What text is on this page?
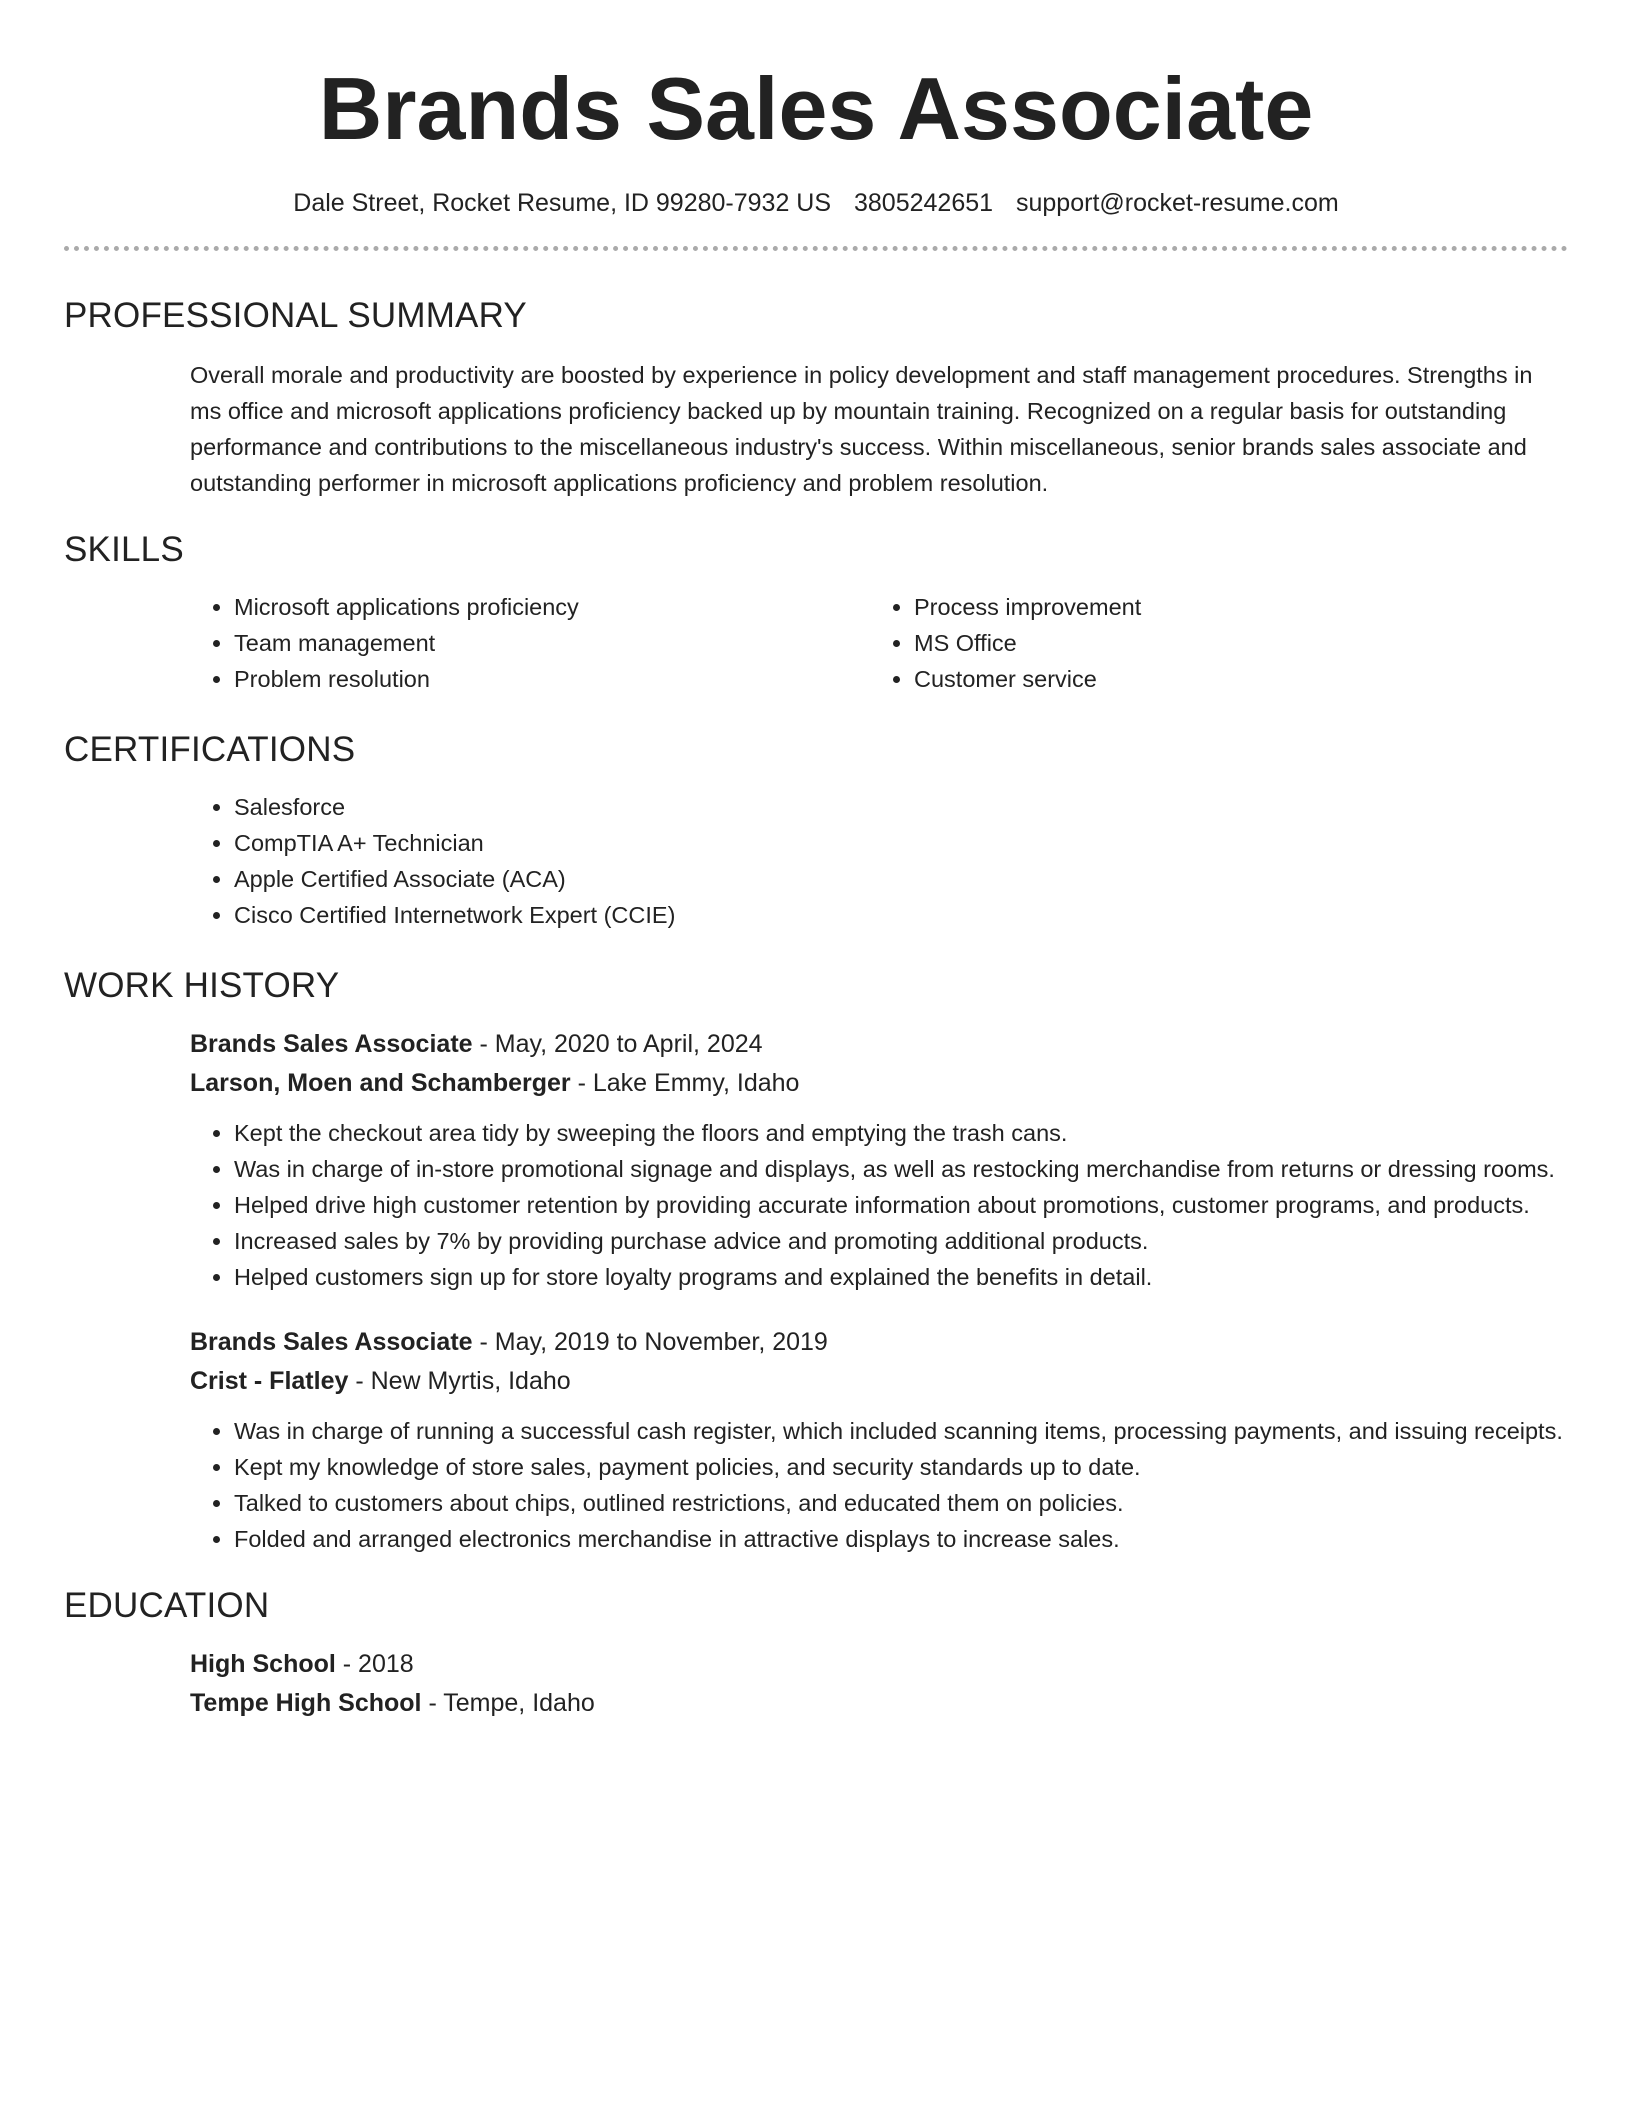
Brands Sales Associate
Dale Street, Rocket Resume, ID 99280-7932 US 3805242651 support@rocket-resume.com
PROFESSIONAL SUMMARY
Overall morale and productivity are boosted by experience in policy development and staff management procedures. Strengths in ms office and microsoft applications proficiency backed up by mountain training. Recognized on a regular basis for outstanding performance and contributions to the miscellaneous industry's success. Within miscellaneous, senior brands sales associate and outstanding performer in microsoft applications proficiency and problem resolution.
SKILLS
• Microsoft applications proficiency
• Team management
• Problem resolution
• Process improvement
• MS Office
• Customer service
CERTIFICATIONS
• Salesforce
• CompTIA A+ Technician
• Apple Certified Associate (ACA)
• Cisco Certified Internetwork Expert (CCIE)
WORK HISTORY
Brands Sales Associate - May, 2020 to April, 2024
Larson, Moen and Schamberger - Lake Emmy, Idaho
• Kept the checkout area tidy by sweeping the floors and emptying the trash cans.
• Was in charge of in-store promotional signage and displays, as well as restocking merchandise from returns or dressing rooms.
• Helped drive high customer retention by providing accurate information about promotions, customer programs, and products.
• Increased sales by 7% by providing purchase advice and promoting additional products.
• Helped customers sign up for store loyalty programs and explained the benefits in detail.
Brands Sales Associate - May, 2019 to November, 2019
Crist - Flatley - New Myrtis, Idaho
• Was in charge of running a successful cash register, which included scanning items, processing payments, and issuing receipts.
• Kept my knowledge of store sales, payment policies, and security standards up to date.
• Talked to customers about chips, outlined restrictions, and educated them on policies.
• Folded and arranged electronics merchandise in attractive displays to increase sales.
EDUCATION
High School - 2018
Tempe High School - Tempe, Idaho
